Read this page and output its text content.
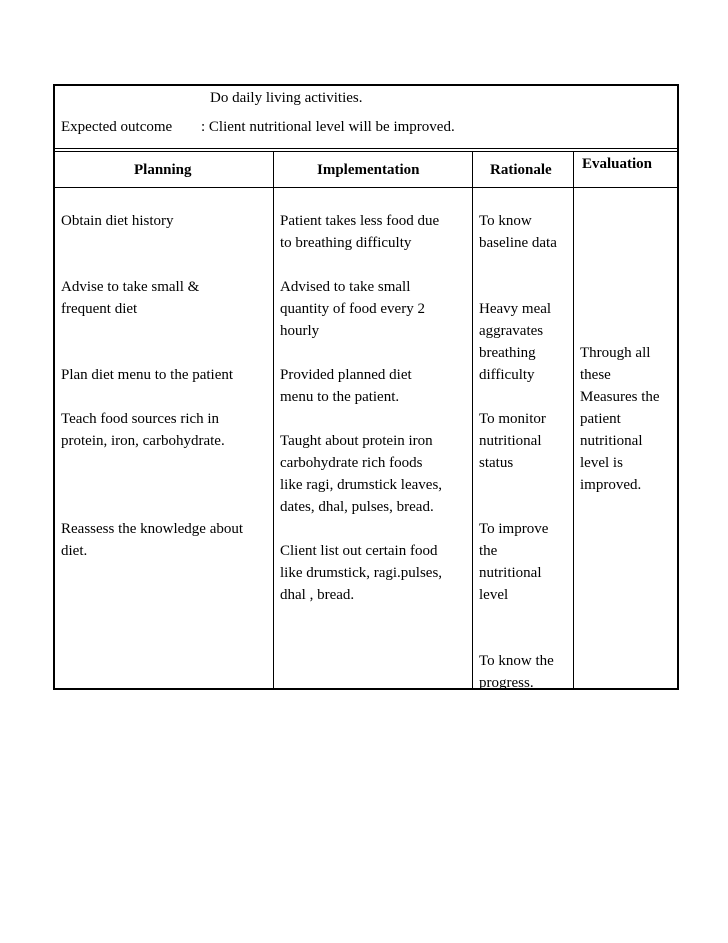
Do daily living activities.
Expected outcome : Client nutritional level will be improved.
Planning	Implementation	Rationale Evaluation
Obtain diet history
Advise to take small &
frequent diet
Plan diet menu to the patient
Teach food sources rich in
protein, iron, carbohydrate.
Reassess the knowledge about
diet.
Patient takes less food due
to breathing difficulty
Advised to take small
quantity of food every 2
hourly
Provided planned diet
menu to the patient.
Taught about protein iron
carbohydrate rich foods
like ragi, drumstick leaves,
dates, dhal, pulses, bread.
Client list out certain food
like drumstick, ragi.pulses,
dhal , bread.
To know
baseline data
Heavy meal
aggravates
breathing
difficulty
To monitor
nutritional
status
To improve
the
nutritional
level
To know the
progress.
Through all
these
Measures the
patient
nutritional
level is
improved.
